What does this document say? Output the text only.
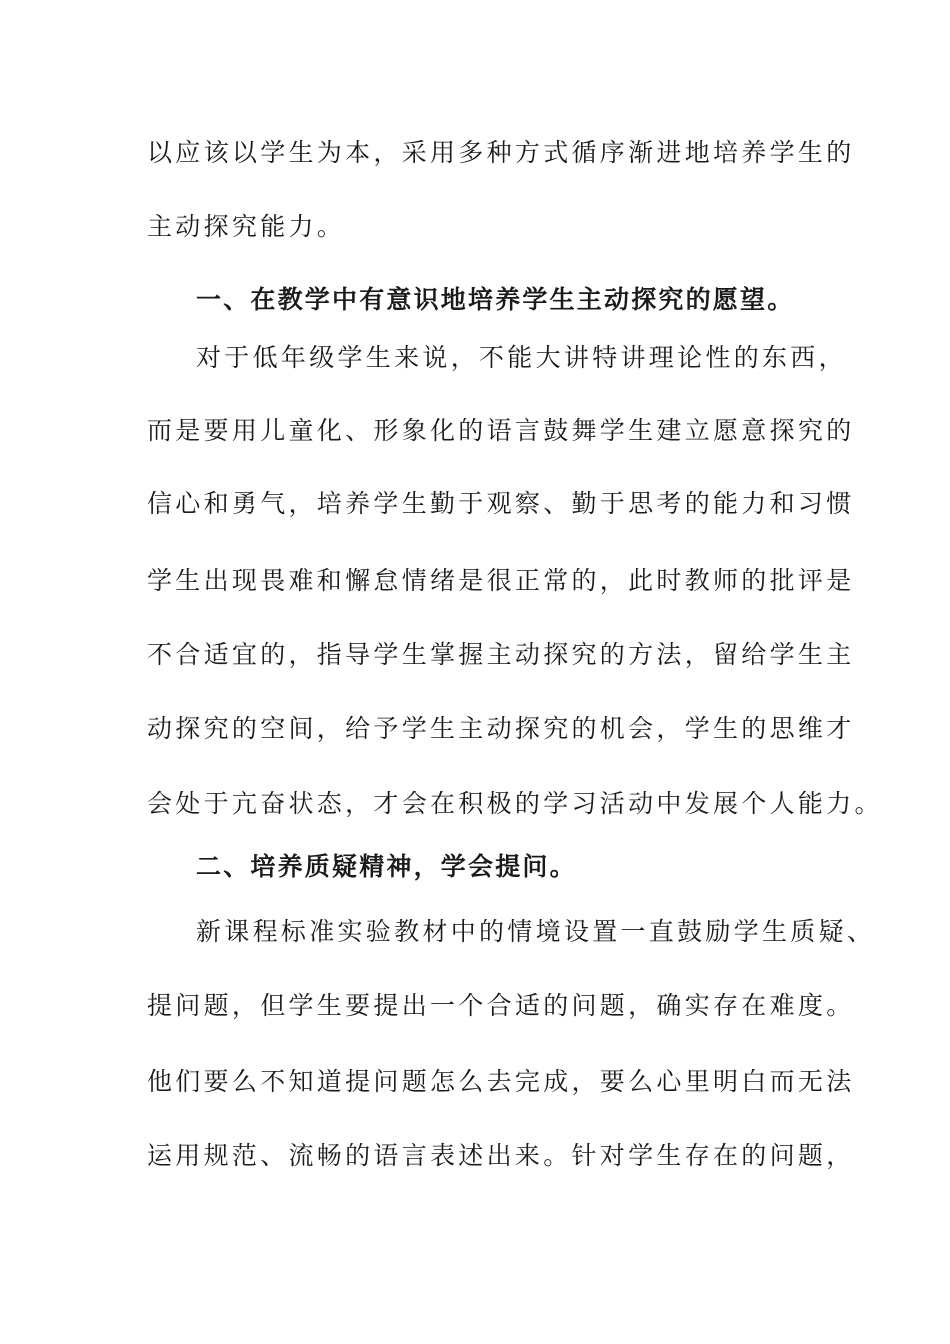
以应该以学生为本，采用多种方式循序渐进地培养学生的
主动探究能力。
一、在教学中有意识地培养学生主动探究的愿望。
对于低年级学生来说，不能大讲特讲理论性的东西，
而是要用儿童化、形象化的语言鼓舞学生建立愿意探究的
信心和勇气，培养学生勤于观察、勤于思考的能力和习惯
学生出现畏难和懈怠情绪是很正常的，此时教师的批评是
不合适宜的，指导学生掌握主动探究的方法，留给学生主
动探究的空间，给予学生主动探究的机会，学生的思维才
会处于亢奋状态，才会在积极的学习活动中发展个人能力。
二、培养质疑精神，学会提问。
新课程标准实验教材中的情境设置一直鼓励学生质疑、
提问题，但学生要提出一个合适的问题，确实存在难度。
他们要么不知道提问题怎么去完成，要么心里明白而无法
运用规范、流畅的语言表述出来。针对学生存在的问题，
